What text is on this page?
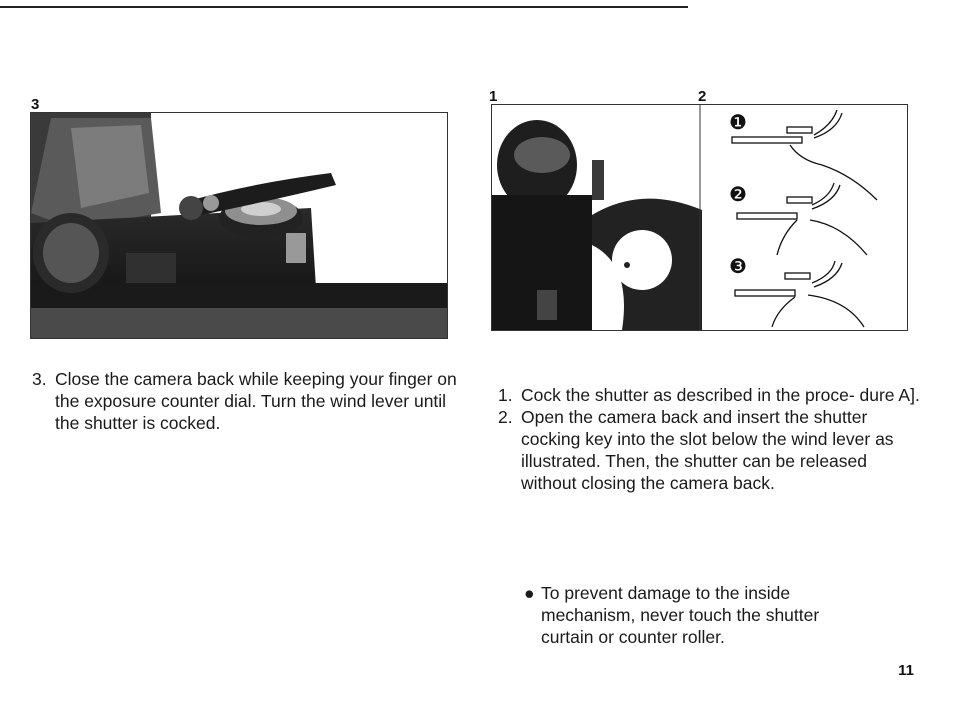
3	1	2
❶
❷
❸
3. Close the camera back while keeping your finger on the exposure counter dial. Turn the wind lever until the shutter is cocked.
1. Cock the shutter as described in the proce- dure A].
2. Open the camera back and insert the shutter cocking key into the slot below the wind lever as illustrated. Then, the shutter can be released without closing the camera back.
● To prevent damage to the inside mechanism, never touch the shutter curtain or counter roller.
11
